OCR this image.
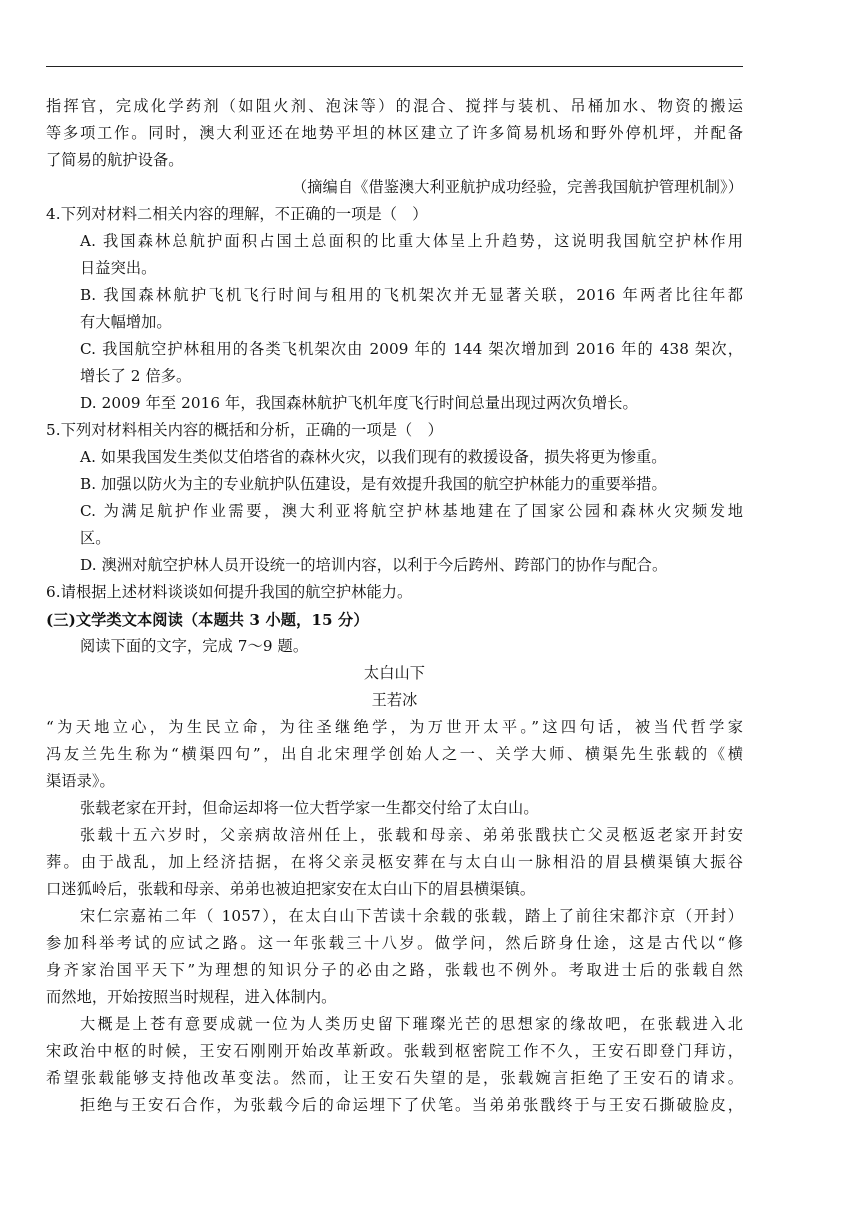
指挥官，完成化学药剂（如阻火剂、泡沫等）的混合、搅拌与装机、吊桶加水、物资的搬运
等多项工作。同时，澳大利亚还在地势平坦的林区建立了许多简易机场和野外停机坪，并配备
了简易的航护设备。
（摘编自《借鉴澳大利亚航护成功经验，完善我国航护管理机制》）
4.下列对材料二相关内容的理解，不正确的一项是（　）
A. 我国森林总航护面积占国土总面积的比重大体呈上升趋势，这说明我国航空护林作用
日益突出。
B. 我国森林航护飞机飞行时间与租用的飞机架次并无显著关联，2016 年两者比往年都
有大幅增加。
C. 我国航空护林租用的各类飞机架次由 2009 年的 144 架次增加到 2016 年的 438 架次，
增长了 2 倍多。
D. 2009 年至 2016 年，我国森林航护飞机年度飞行时间总量出现过两次负增长。
5.下列对材料相关内容的概括和分析，正确的一项是（　）
A. 如果我国发生类似艾伯塔省的森林火灾，以我们现有的救援设备，损失将更为惨重。
B. 加强以防火为主的专业航护队伍建设，是有效提升我国的航空护林能力的重要举措。
C. 为满足航护作业需要，澳大利亚将航空护林基地建在了国家公园和森林火灾频发地
区。
D. 澳洲对航空护林人员开设统一的培训内容，以利于今后跨州、跨部门的协作与配合。
6.请根据上述材料谈谈如何提升我国的航空护林能力。
(三)文学类文本阅读（本题共 3 小题，15 分）
阅读下面的文字，完成 7～9 题。
太白山下
王若冰
“为天地立心，为生民立命，为往圣继绝学，为万世开太平。”这四句话，被当代哲学家
冯友兰先生称为“横渠四句”，出自北宋理学创始人之一、关学大师、横渠先生张载的《横
渠语录》。
张载老家在开封，但命运却将一位大哲学家一生都交付给了太白山。
张载十五六岁时，父亲病故涪州任上，张载和母亲、弟弟张戬扶亡父灵柩返老家开封安
葬。由于战乱，加上经济拮据，在将父亲灵柩安葬在与太白山一脉相沿的眉县横渠镇大振谷
口迷狐岭后，张载和母亲、弟弟也被迫把家安在太白山下的眉县横渠镇。
宋仁宗嘉祐二年（ 1057），在太白山下苦读十余载的张载，踏上了前往宋都汴京（开封）
参加科举考试的应试之路。这一年张载三十八岁。做学问，然后跻身仕途，这是古代以“修
身齐家治国平天下”为理想的知识分子的必由之路，张载也不例外。考取进士后的张载自然
而然地，开始按照当时规程，进入体制内。
大概是上苍有意要成就一位为人类历史留下璀璨光芒的思想家的缘故吧，在张载进入北
宋政治中枢的时候，王安石刚刚开始改革新政。张载到枢密院工作不久，王安石即登门拜访，
希望张载能够支持他改革变法。然而，让王安石失望的是，张载婉言拒绝了王安石的请求。
拒绝与王安石合作，为张载今后的命运埋下了伏笔。当弟弟张戬终于与王安石撕破脸皮，
